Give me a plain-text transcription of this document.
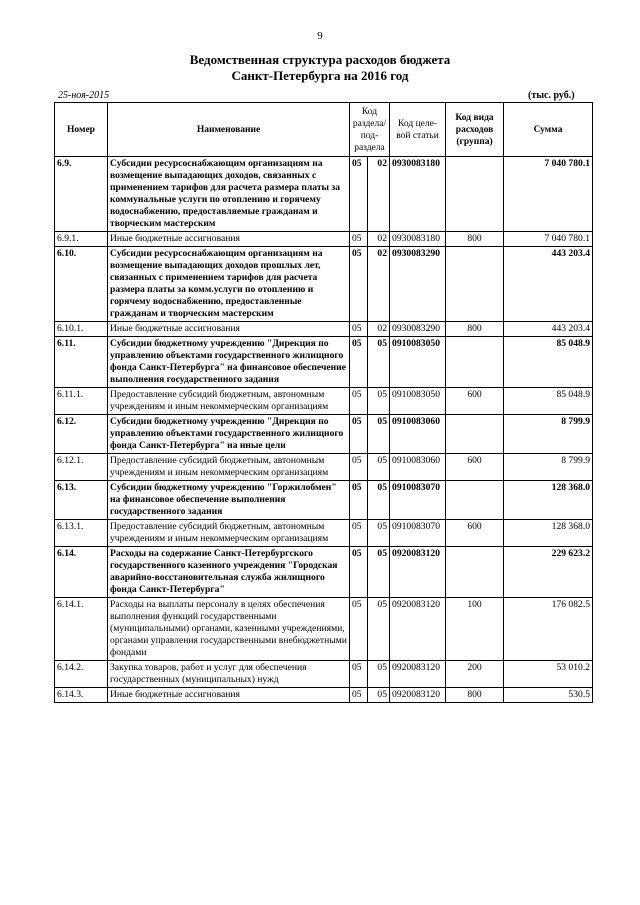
9
Ведомственная структура расходов бюджета
Санкт-Петербурга на 2016 год
25-ноя-2015	(тыс. руб.)
Номер	Наименование	Код раздела/ под- раздела		Код целе- вой статьи	Код вида расходов (группа)	Сумма
6.9.	Субсидии ресурсоснабжающим организациям на возмещение выпадающих доходов, связанных с применением тарифов для расчета размера платы за коммунальные услуги по отоплению и горячему водоснабжению, предоставляемые гражданам и творческим мастерским	05	02	0930083180		7 040 780.1
6.9.1.	Иные бюджетные ассигнования	05	02	0930083180	800	7 040 780.1
6.10.	Субсидии ресурсоснабжающим организациям на возмещение выпадающих доходов прошлых лет, связанных с применением тарифов для расчета размера платы за комм.услуги по отоплению и горячему водоснабжению, предоставленные гражданам и творческим мастерским	05	02	0930083290		443 203.4
6.10.1.	Иные бюджетные ассигнования	05	02	0930083290	800	443 203.4
6.11.	Субсидии бюджетному учреждению "Дирекция по управлению объектами государственного жилищного фонда Санкт-Петербурга" на финансовое обеспечение выполнения государственного задания	05	05	0910083050		85 048.9
6.11.1.	Предоставление субсидий бюджетным, автономным учреждениям и иным некоммерческим организациям	05	05	0910083050	600	85 048.9
6.12.	Субсидии бюджетному учреждению "Дирекция по управлению объектами государственного жилищного фонда Санкт-Петербурга" на иные цели	05	05	0910083060		8 799.9
6.12.1.	Предоставление субсидий бюджетным, автономным учреждениям и иным некоммерческим организациям	05	05	0910083060	600	8 799.9
6.13.	Субсидии бюджетному учреждению "Горжилобмен" на финансовое обеспечение выполнения государственного задания	05	05	0910083070		128 368.0
6.13.1.	Предоставление субсидий бюджетным, автономным учреждениям и иным некоммерческим организациям	05	05	0910083070	600	128 368.0
6.14.	Расходы на содержание Санкт-Петербургского государственного казенного учреждения "Городская аварийно-восстановительная служба жилищного фонда Санкт-Петербурга"	05	05	0920083120		229 623.2
6.14.1.	Расходы на выплаты персоналу в целях обеспечения выполнения функций государственными (муниципальными) органами, казенными учреждениями, органами управления государственными внебюджетными фондами	05	05	0920083120	100	176 082.5
6.14.2.	Закупка товаров, работ и услуг для обеспечения государственных (муниципальных) нужд	05	05	0920083120	200	53 010.2
6.14.3.	Иные бюджетные ассигнования	05	05	0920083120	800	530.5
